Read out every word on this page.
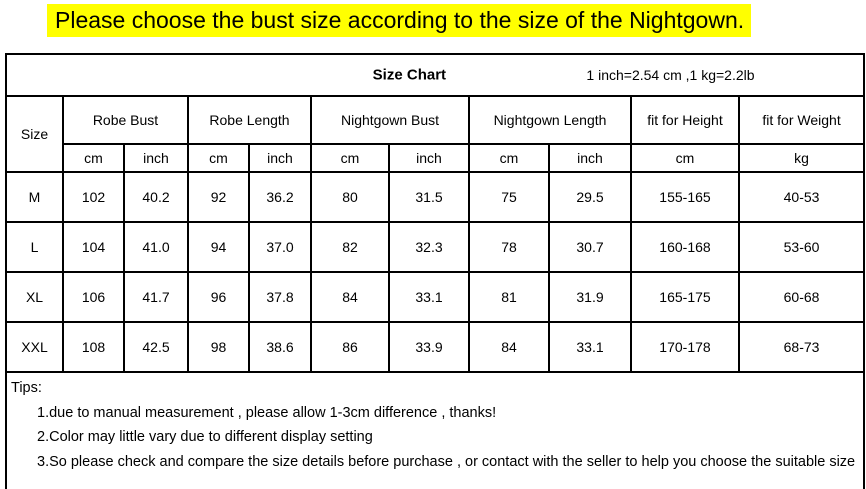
Please choose the bust size according to the size of the Nightgown.
Size Chart 1 inch=2.54 cm ,1 kg=2.2lb										

Size	Robe Bust		Robe Length		Nightgown Bust		Nightgown Length		fit for Height	fit for Weight
	cm	inch	cm	inch	cm	inch	cm	inch	cm	kg
M	102	40.2	92	36.2	80	31.5	75	29.5	155-165	40-53
L	104	41.0	94	37.0	82	32.3	78	30.7	160-168	53-60
XL	106	41.7	96	37.8	84	33.1	81	31.9	165-175	60-68
XXL	108	42.5	98	38.6	86	33.9	84	33.1	170-178	68-73

Tips:

1.due to manual measurement , please allow 1-3cm difference , thanks!

2.Color may little vary due to different display setting

3.So please check and compare the size details before purchase , or contact with the seller to help you choose the suitable size										
